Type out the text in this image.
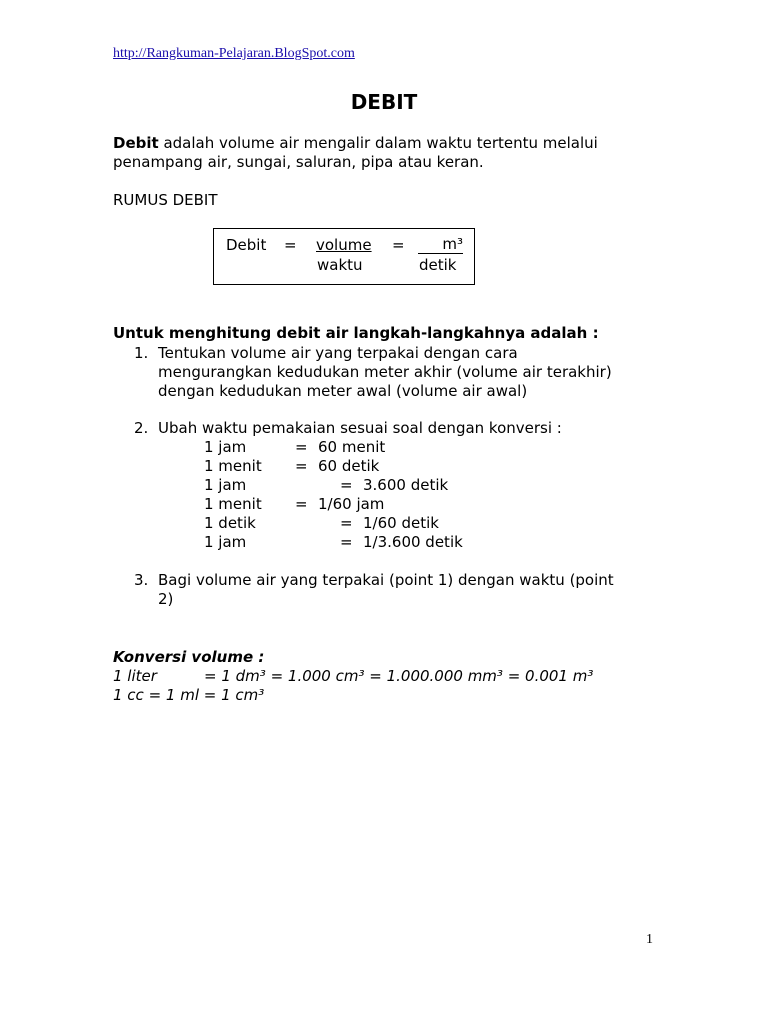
http://Rangkuman-Pelajaran.BlogSpot.com
DEBIT
Debit adalah volume air mengalir dalam waktu tertentu melalui
penampang air, sungai, saluran, pipa atau keran.
RUMUS DEBIT
Debit = volume
waktu
=	m³
detik
Untuk menghitung debit air langkah-langkahnya adalah :
1. Tentukan volume air yang terpakai dengan cara
mengurangkan kedudukan meter akhir (volume air terakhir)
dengan kedudukan meter awal (volume air awal)
2. Ubah waktu pemakaian sesuai soal dengan konversi :
1 jam	= 60 menit
1 menit = 60 detik
1 jam	= 3.600 detik
1 menit = 1/60 jam
1 detik	= 1/60 detik
1 jam	= 1/3.600 detik
3. Bagi volume air yang terpakai (point 1) dengan waktu (point
2)
Konversi volume :
1 liter	= 1 dm³ = 1.000 cm³ = 1.000.000 mm³ = 0.001 m³
1 cc = 1 ml = 1 cm³
1
